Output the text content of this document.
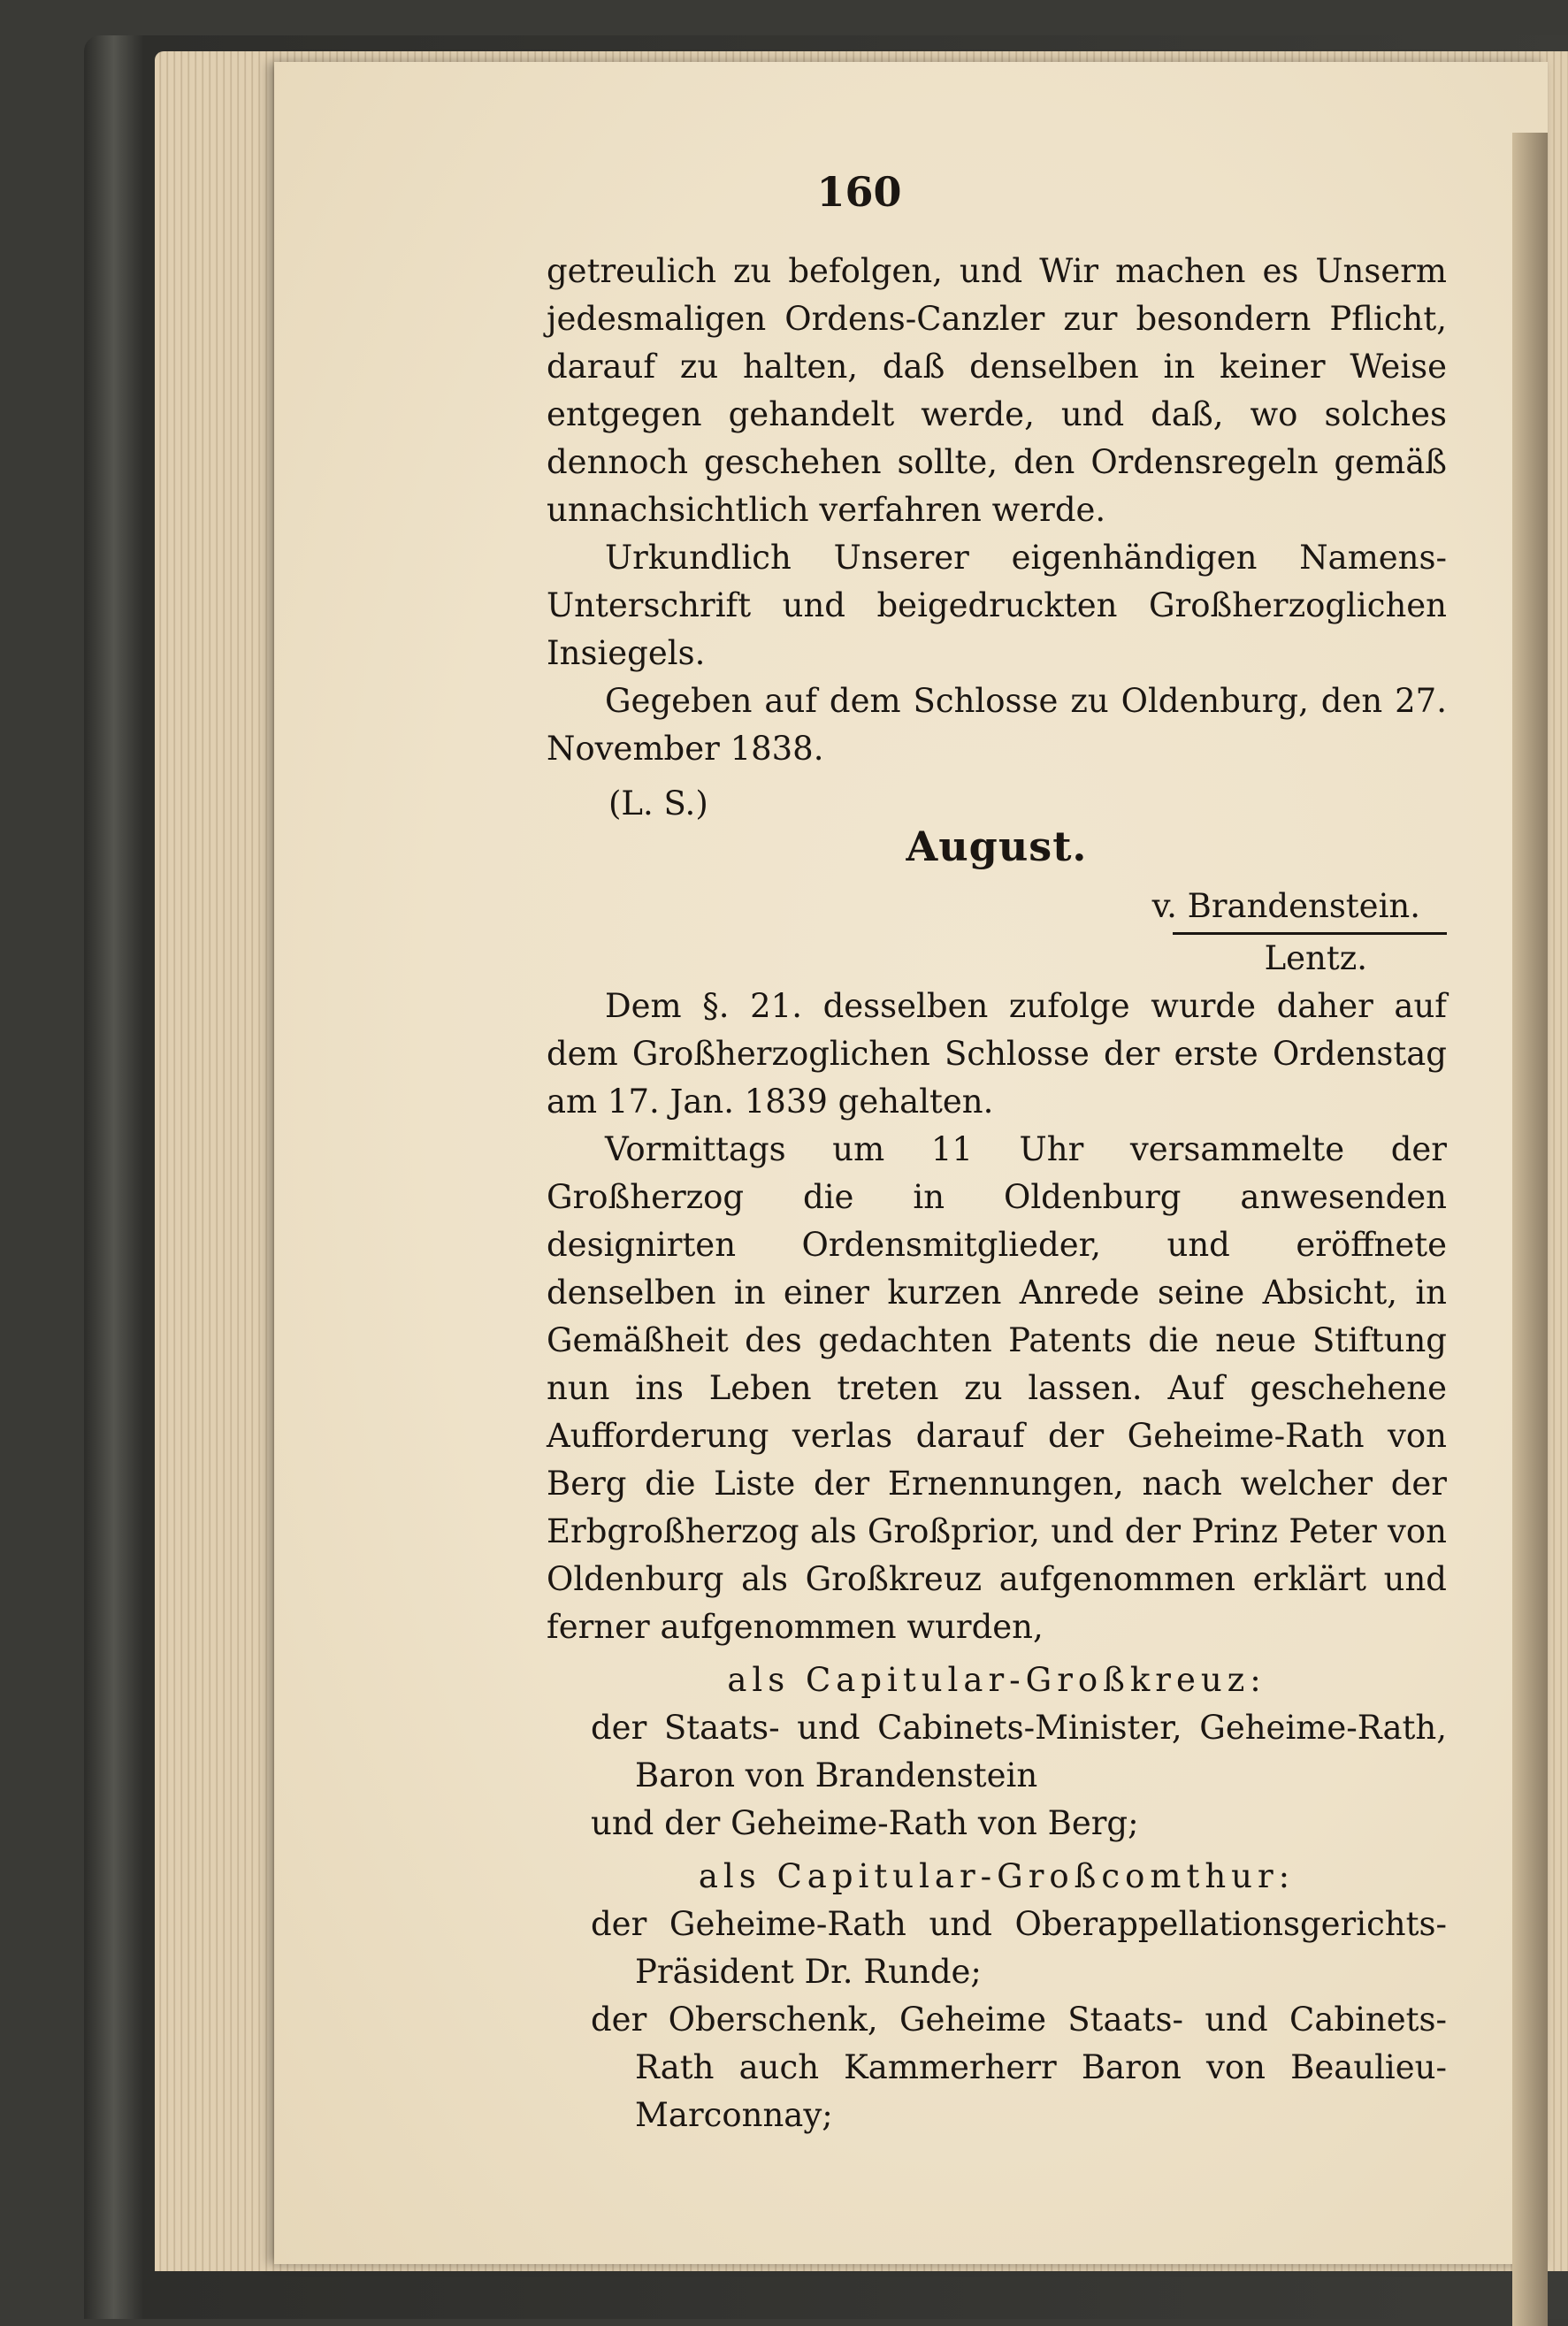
160

getreulich zu befolgen, und Wir machen es Unserm jedesmaligen Ordens-Canzler zur besondern Pflicht, darauf zu halten, daß denselben in keiner Weise entgegen gehandelt werde, und daß, wo solches dennoch geschehen sollte, den Ordensregeln gemäß unnachsichtlich verfahren werde.

Urkundlich Unserer eigenhändigen Namens-Unterschrift und beigedruckten Großherzoglichen Insiegels.

Gegeben auf dem Schlosse zu Oldenburg, den 27. November 1838.

(L. S.)

August.

v. Brandenstein.

Lentz.

Dem §. 21. desselben zufolge wurde daher auf dem Großherzoglichen Schlosse der erste Ordenstag am 17. Jan. 1839 gehalten.

Vormittags um 11 Uhr versammelte der Großherzog die in Oldenburg anwesenden designirten Ordensmitglieder, und eröffnete denselben in einer kurzen Anrede seine Absicht, in Gemäßheit des gedachten Patents die neue Stiftung nun ins Leben treten zu lassen. Auf geschehene Aufforderung verlas darauf der Geheime-Rath von Berg die Liste der Ernennungen, nach welcher der Erbgroßherzog als Großprior, und der Prinz Peter von Oldenburg als Großkreuz aufgenommen erklärt und ferner aufgenommen wurden,

als Capitular-Großkreuz:

der Staats- und Cabinets-Minister, Geheime-Rath, Baron von Brandenstein

und der Geheime-Rath von Berg;

als Capitular-Großcomthur:

der Geheime-Rath und Oberappellationsgerichts-Präsident Dr. Runde;

der Oberschenk, Geheime Staats- und Cabinets-Rath auch Kammerherr Baron von Beaulieu-Marconnay;
